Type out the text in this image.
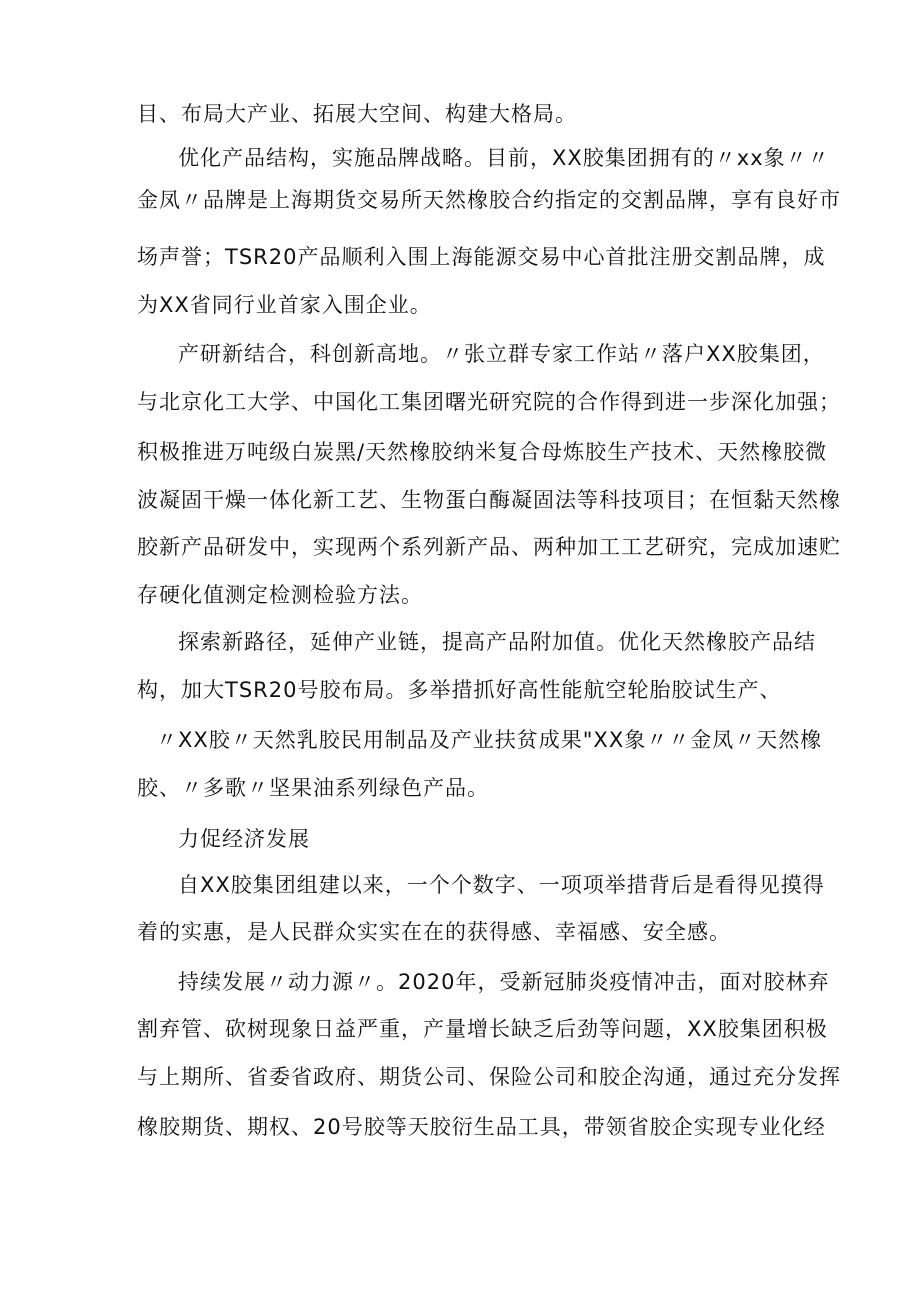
目、布局大产业、拓展大空间、构建大格局。

优化产品结构，实施品牌战略。目前，XX胶集团拥有的〃xx象〃〃

金凤〃品牌是上海期货交易所天然橡胶合约指定的交割品牌，享有良好市

场声誉；TSR20产品顺利入围上海能源交易中心首批注册交割品牌，成

为XX省同行业首家入围企业。

产研新结合，科创新高地。〃张立群专家工作站〃落户XX胶集团，

与北京化工大学、中国化工集团曙光研究院的合作得到进一步深化加强；

积极推进万吨级白炭黑/天然橡胶纳米复合母炼胶生产技术、天然橡胶微

波凝固干燥一体化新工艺、生物蛋白酶凝固法等科技项目；在恒黏天然橡

胶新产品研发中，实现两个系列新产品、两种加工工艺研究，完成加速贮

存硬化值测定检测检验方法。

探索新路径，延伸产业链，提高产品附加值。优化天然橡胶产品结

构，加大TSR20号胶布局。多举措抓好高性能航空轮胎胶试生产、

〃XX胶〃天然乳胶民用制品及产业扶贫成果"XX象〃〃金凤〃天然橡

胶、〃多歌〃坚果油系列绿色产品。

力促经济发展

自XX胶集团组建以来，一个个数字、一项项举措背后是看得见摸得

着的实惠，是人民群众实实在在的获得感、幸福感、安全感。

持续发展〃动力源〃。2020年，受新冠肺炎疫情冲击，面对胶林弃

割弃管、砍树现象日益严重，产量增长缺乏后劲等问题，XX胶集团积极

与上期所、省委省政府、期货公司、保险公司和胶企沟通，通过充分发挥

橡胶期货、期权、20号胶等天胶衍生品工具，带领省胶企实现专业化经
